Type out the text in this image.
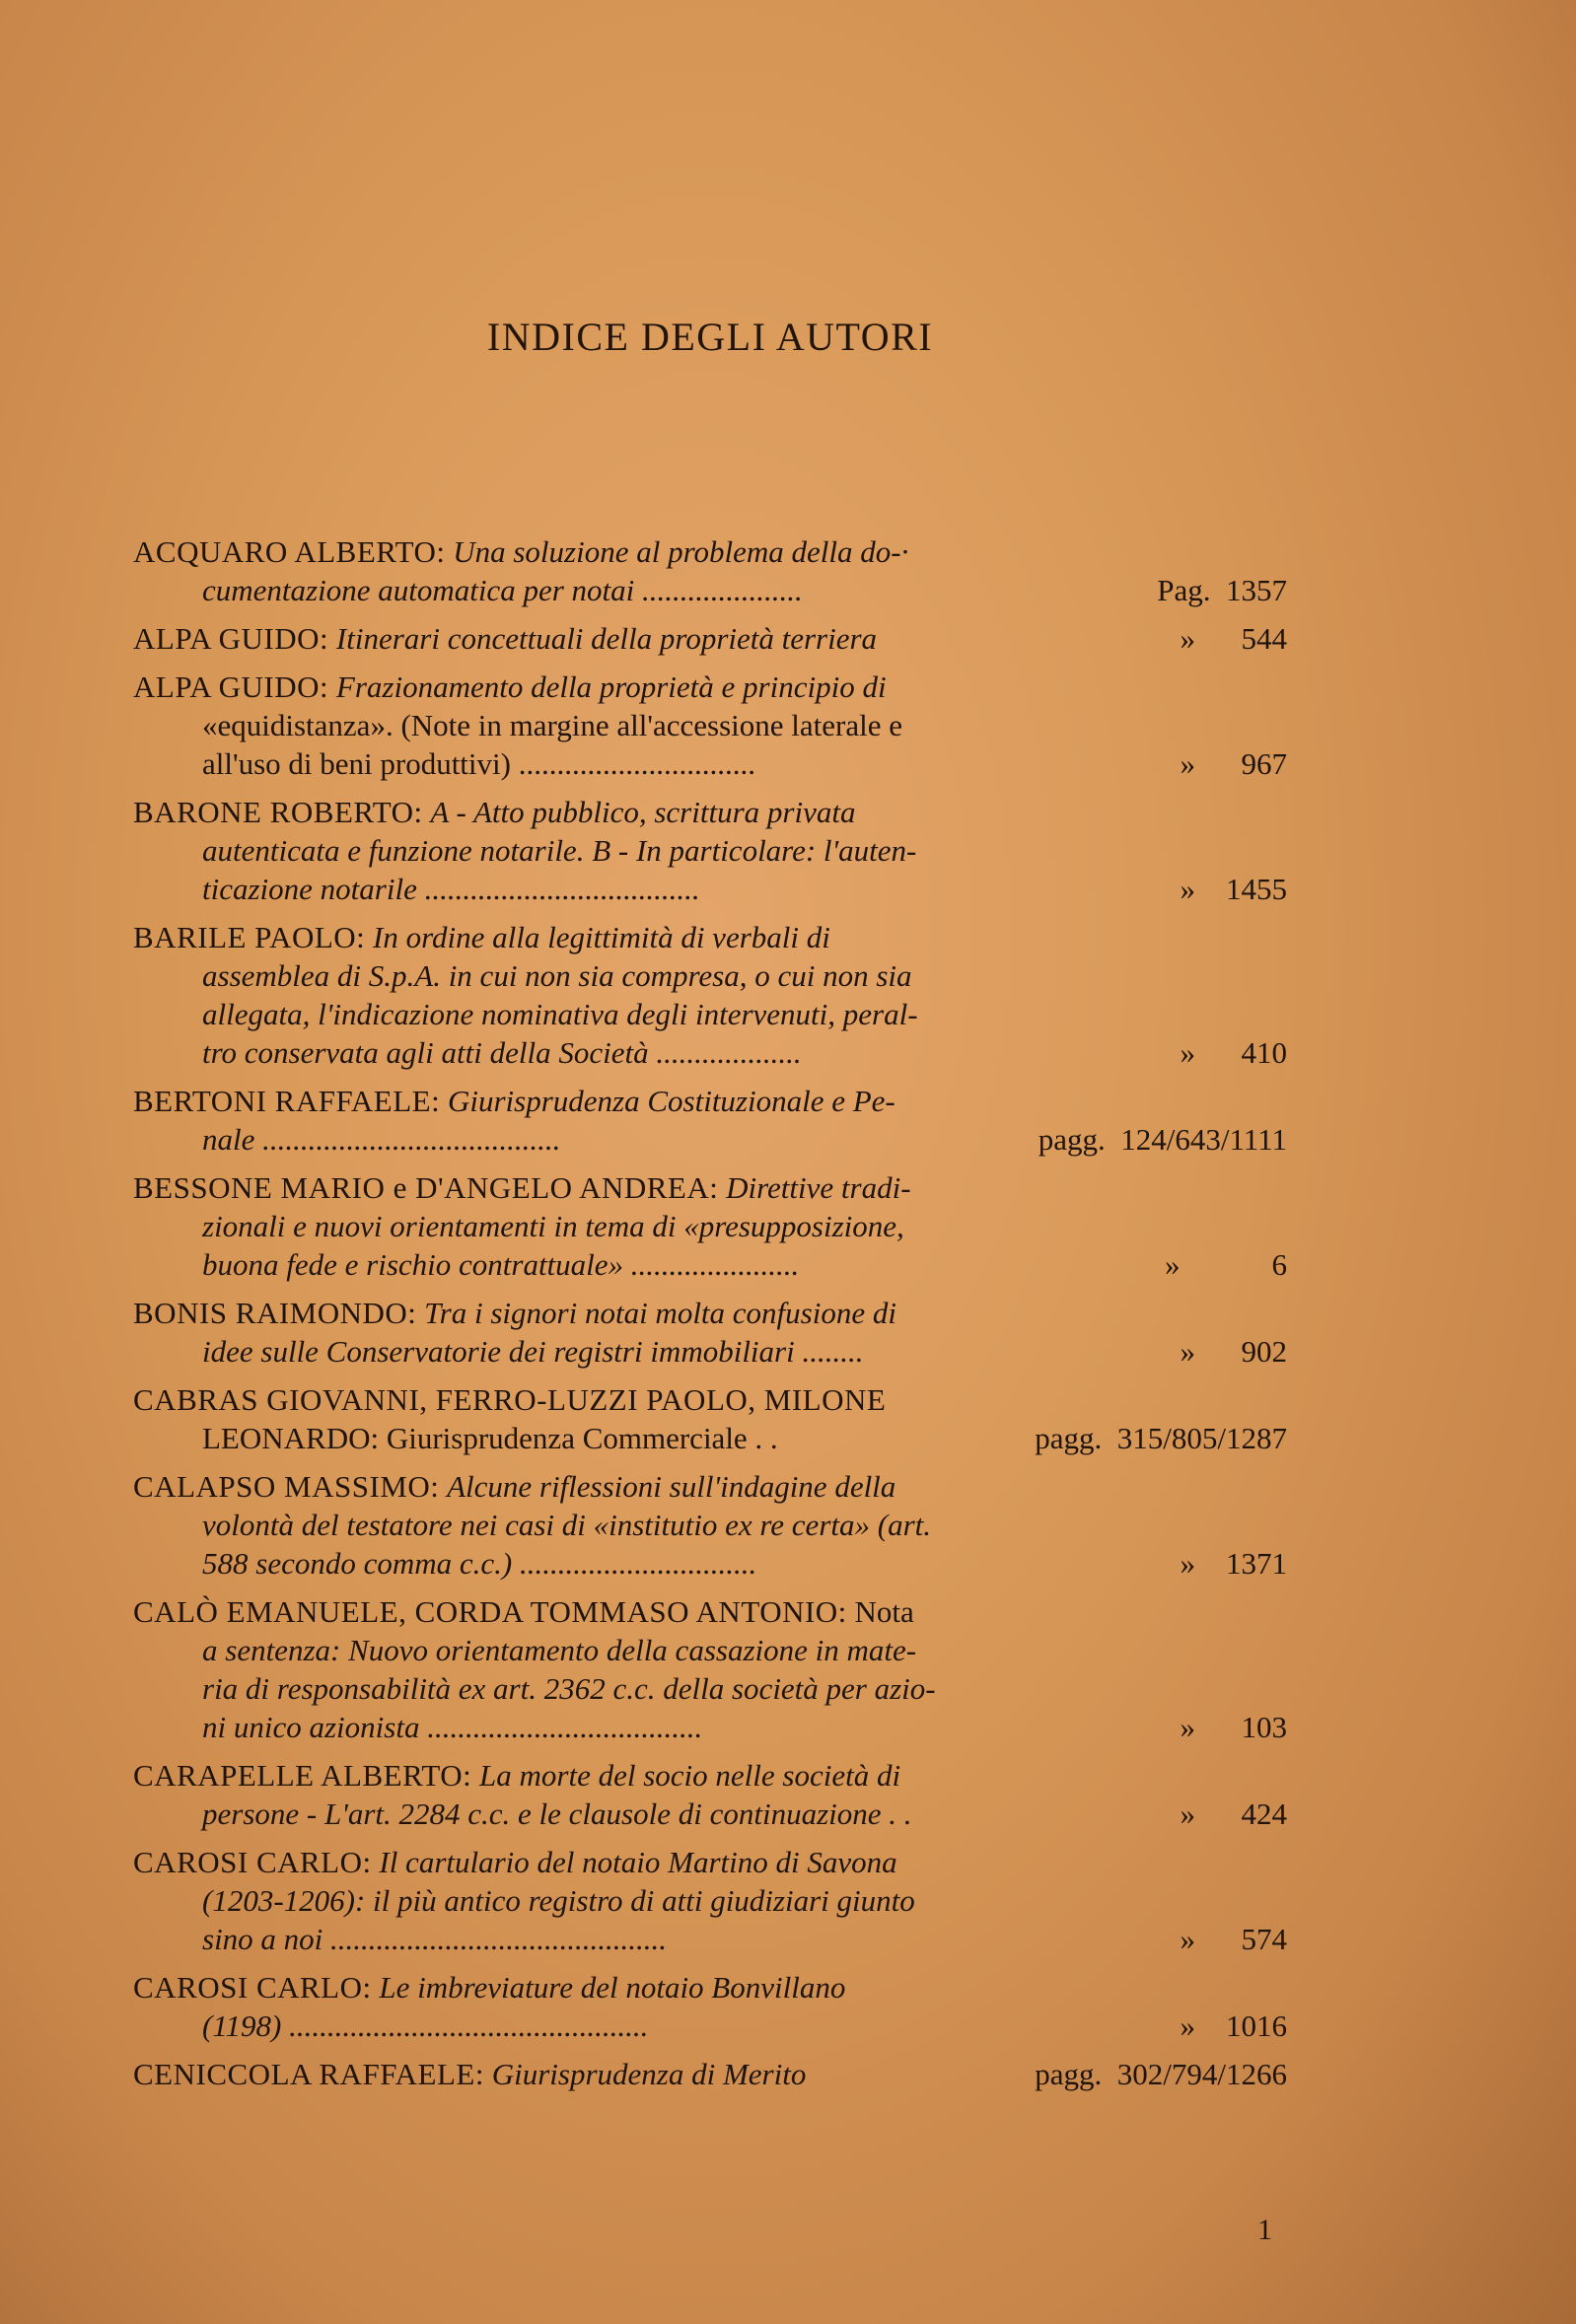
INDICE DEGLI AUTORI
ACQUARO ALBERTO: Una soluzione al problema della do-·
cumentazione automatica per notai .....................	Pag. 1357
ALPA GUIDO: Itinerari concettuali della proprietà terriera	» 544
ALPA GUIDO: Frazionamento della proprietà e principio di
«equidistanza». (Note in margine all'accessione laterale e
all'uso di beni produttivi) ...............................	» 967
BARONE ROBERTO: A - Atto pubblico, scrittura privata
autenticata e funzione notarile. B - In particolare: l'auten-
ticazione notarile ....................................	» 1455
BARILE PAOLO: In ordine alla legittimità di verbali di
assemblea di S.p.A. in cui non sia compresa, o cui non sia
allegata, l'indicazione nominativa degli intervenuti, peral-
tro conservata agli atti della Società ...................	» 410
BERTONI RAFFAELE: Giurisprudenza Costituzionale e Pe-
nale .......................................	pagg. 124/643/1111
BESSONE MARIO e D'ANGELO ANDREA: Direttive tradi-
zionali e nuovi orientamenti in tema di «presupposizione,
buona fede e rischio contrattuale» ......................	»	6
BONIS RAIMONDO: Tra i signori notai molta confusione di
idee sulle Conservatorie dei registri immobiliari ........	» 902
CABRAS GIOVANNI, FERRO-LUZZI PAOLO, MILONE
LEONARDO: Giurisprudenza Commerciale . .	pagg. 315/805/1287
CALAPSO MASSIMO: Alcune riflessioni sull'indagine della
volontà del testatore nei casi di «institutio ex re certa» (art.
588 secondo comma c.c.) ...............................	» 1371
CALÒ EMANUELE, CORDA TOMMASO ANTONIO: Nota
a sentenza: Nuovo orientamento della cassazione in mate-
ria di responsabilità ex art. 2362 c.c. della società per azio-
ni unico azionista ....................................	» 103
CARAPELLE ALBERTO: La morte del socio nelle società di
persone - L'art. 2284 c.c. e le clausole di continuazione . .	» 424
CAROSI CARLO: Il cartulario del notaio Martino di Savona
(1203-1206): il più antico registro di atti giudiziari giunto
sino a noi ............................................	» 574
CAROSI CARLO: Le imbreviature del notaio Bonvillano
(1198) ...............................................	» 1016
CENICCOLA RAFFAELE: Giurisprudenza di Merito	pagg. 302/794/1266
1
